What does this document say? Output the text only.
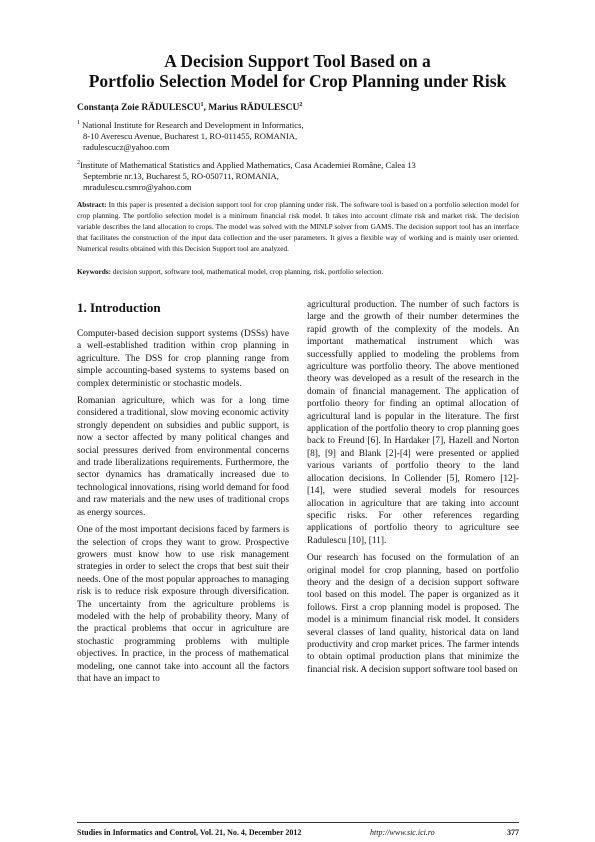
A Decision Support Tool Based on a
Portfolio Selection Model for Crop Planning under Risk
Constanța Zoie RĂDULESCU$^1$, Marius RĂDULESCU$^2$

$^1$ National Institute for Research and Development in Informatics,

8-10 Averescu Avenue, Bucharest 1, RO-011455, ROMANIA,

radulescucz@yahoo.com

$^2$Institute of Mathematical Statistics and Applied Mathematics, Casa Academiei Române, Calea 13

Septembrie nr.13, Bucharest 5, RO-050711, ROMANIA,

mradulescu.csmro@yahoo.com

Abstract: In this paper is presented a decision support tool for crop planning under risk. The software tool is based on a portfolio selection model for crop planning. The portfolio selection model is a minimum financial risk model. It takes into account climate risk and market risk. The decision variable describes the land allocation to crops. The model was solved with the MINLP solver from GAMS. The decision support tool has an interface that facilitates the construction of the input data collection and the user parameters. It gives a flexible way of working and is mainly user oriented. Numerical results obtained with this Decision Support tool are analyzed.
Keywords: decision support, software tool, mathematical model, crop planning, risk, portfolio selection.
1. Introduction

Computer-based decision support systems (DSSs) have a well-established tradition within crop planning in agriculture. The DSS for crop planning range from simple accounting-based systems to systems based on complex deterministic or stochastic models.

Romanian agriculture, which was for a long time considered a traditional, slow moving economic activity strongly dependent on subsidies and public support, is now a sector affected by many political changes and social pressures derived from environmental concerns and trade liberalizations requirements. Furthermore, the sector dynamics has dramatically increased due to technological innovations, rising world demand for food and raw materials and the new uses of traditional crops as energy sources.

One of the most important decisions faced by farmers is the selection of crops they want to grow. Prospective growers must know how to use risk management strategies in order to select the crops that best suit their needs. One of the most popular approaches to managing risk is to reduce risk exposure through diversification. The uncertainty from the agriculture problems is modeled with the help of probability theory. Many of the practical problems that occur in agriculture are stochastic programming problems with multiple objectives. In practice, in the process of mathematical modeling, one cannot take into account all the factors that have an impact to

agricultural production. The number of such factors is large and the growth of their number determines the rapid growth of the complexity of the models. An important mathematical instrument which was successfully applied to modeling the problems from agriculture was portfolio theory. The above mentioned theory was developed as a result of the research in the domain of financial management. The application of portfolio theory for finding an optimal allocation of agricultural land is popular in the literature. The first application of the portfolio theory to crop planning goes back to Freund [6]. In Hardaker [7], Hazell and Norton [8], [9] and Blank [2]-[4] were presented or applied various variants of portfolio theory to the land allocation decisions. In Collender [5], Romero [12]-[14], were studied several models for resources allocation in agriculture that are taking into account specific risks. For other references regarding applications of portfolio theory to agriculture see Radulescu [10], [11].

Our research has focused on the formulation of an original model for crop planning, based on portfolio theory and the design of a decision support software tool based on this model. The paper is organized as it follows. First a crop planning model is proposed. The model is a minimum financial risk model. It considers several classes of land quality, historical data on land productivity and crop market prices. The farmer intends to obtain optimal production plans that minimize the financial risk. A decision support software tool based on

Studies in Informatics and Control, Vol. 21, No. 4, December 2012	http://www.sic.ici.ro	377
